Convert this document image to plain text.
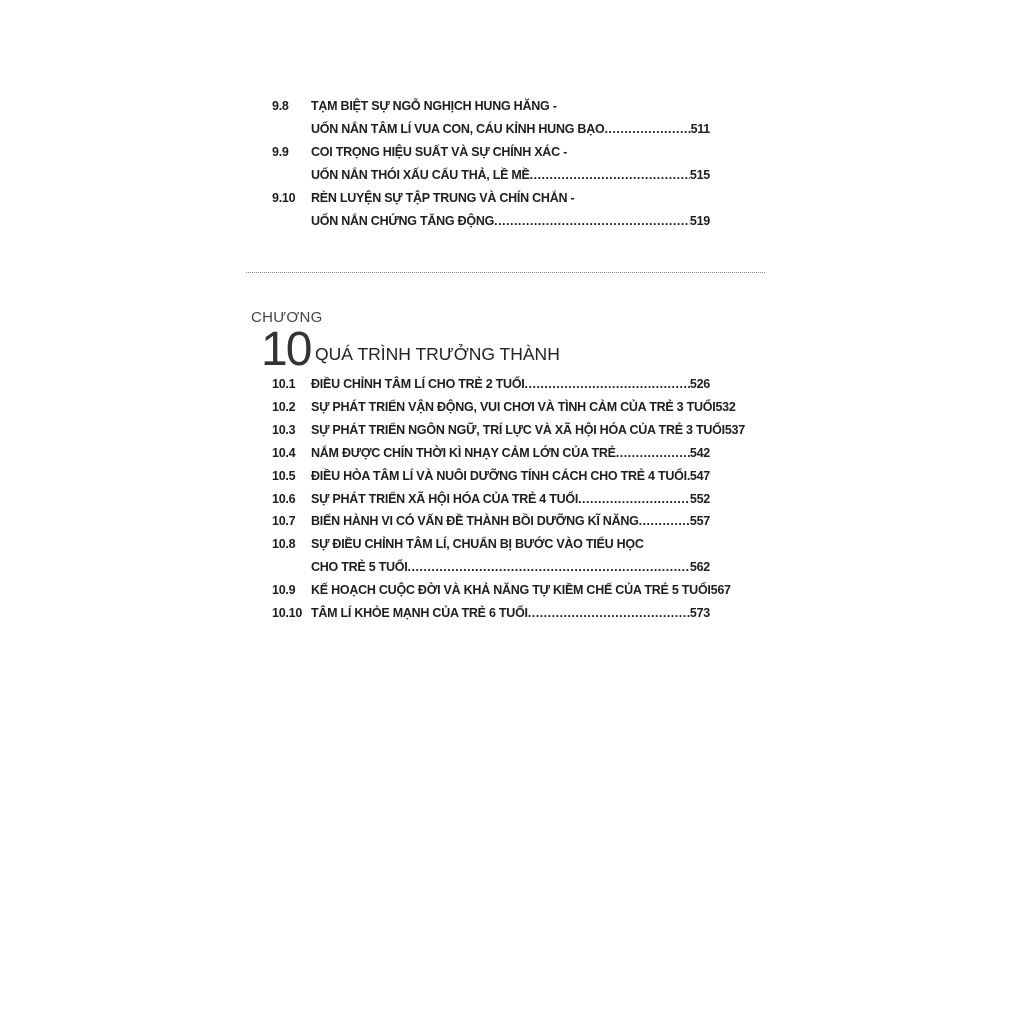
9.8	TẠM BIỆT SỰ NGỖ NGHỊCH HUNG HĂNG -
UỐN NẮN TÂM LÍ VUA CON, CÁU KỈNH HUNG BẠO .....	511
9.9	COI TRỌNG HIỆU SUẤT VÀ SỰ CHÍNH XÁC -
UỐN NẮN THÓI XẤU CẨU THẢ, LỀ MỀ .....	515
9.10	RÈN LUYỆN SỰ TẬP TRUNG VÀ CHÍN CHẮN -
UỐN NẮN CHỨNG TĂNG ĐỘNG .....	519
CHƯƠNG
10 QUÁ TRÌNH TRƯỞNG THÀNH
10.1	ĐIỀU CHỈNH TÂM LÍ CHO TRẺ 2 TUỔI .....	526
10.2	SỰ PHÁT TRIỂN VẬN ĐỘNG, VUI CHƠI VÀ TÌNH CẢM CỦA TRẺ 3 TUỔI 532
10.3	SỰ PHÁT TRIỂN NGÔN NGỮ, TRÍ LỰC VÀ XÃ HỘI HÓA CỦA TRẺ 3 TUỔI 537
10.4	NẮM ĐƯỢC CHÍN THỜI KÌ NHẠY CẢM LỚN CỦA TRẺ .....	542
10.5	ĐIỀU HÒA TÂM LÍ VÀ NUÔI DƯỠNG TÍNH CÁCH CHO TRẺ 4 TUỔI ..... 547
10.6	SỰ PHÁT TRIỂN XÃ HỘI HÓA CỦA TRẺ 4 TUỔI .....	552
10.7	BIẾN HÀNH VI CÓ VẤN ĐỀ THÀNH BỒI DƯỠNG KĨ NĂNG .....	557
10.8	SỰ ĐIỀU CHỈNH TÂM LÍ, CHUẨN BỊ BƯỚC VÀO TIỂU HỌC
CHO TRẺ 5 TUỔI .....	562
10.9	KẾ HOẠCH CUỘC ĐỜI VÀ KHẢ NĂNG TỰ KIỀM CHẾ CỦA TRẺ 5 TUỔI 567
10.10 TÂM LÍ KHỎE MẠNH CỦA TRẺ 6 TUỔI .....	573
